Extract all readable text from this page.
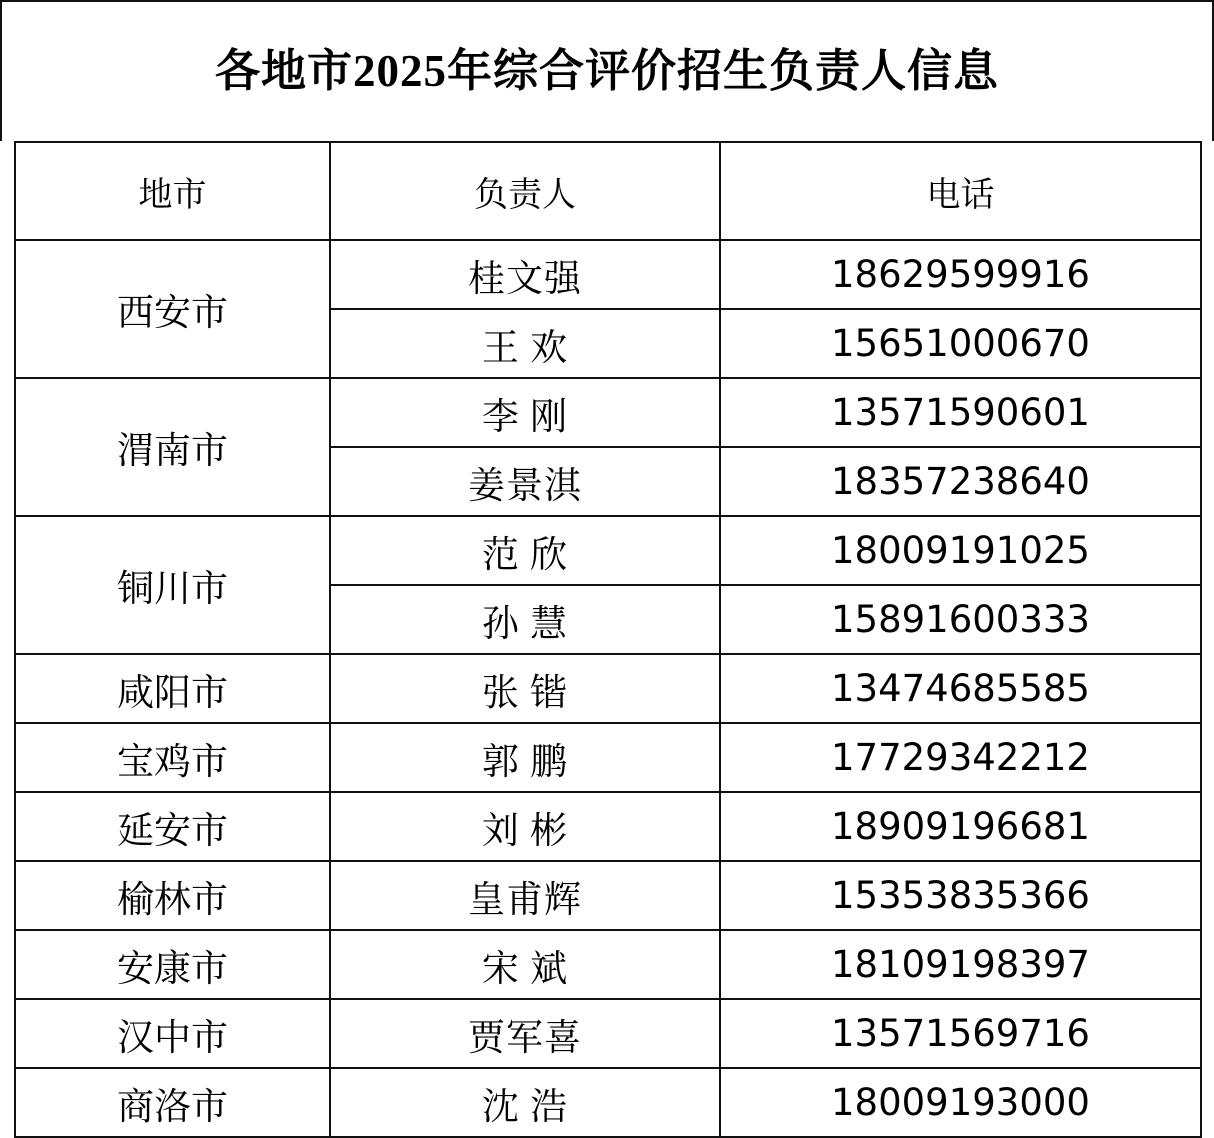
各地市2025年综合评价招生负责人信息
地市	负责人	电话
西安市	桂文强	18629599916
	王 欢	15651000670
渭南市	李 刚	13571590601
	姜景淇	18357238640
铜川市	范 欣	18009191025
	孙 慧	15891600333
咸阳市	张 锴	13474685585
宝鸡市	郭 鹏	17729342212
延安市	刘 彬	18909196681
榆林市	皇甫辉	15353835366
安康市	宋 斌	18109198397
汉中市	贾军喜	13571569716
商洛市	沈 浩	18009193000
